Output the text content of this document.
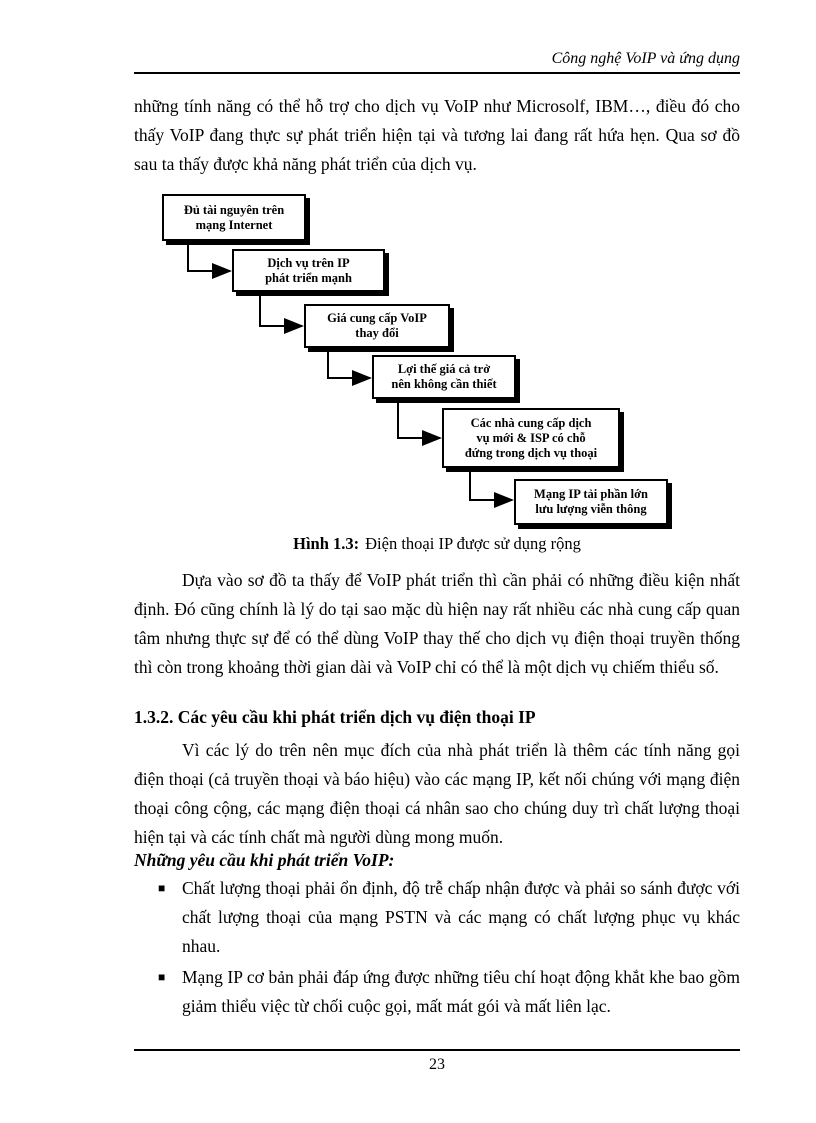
Công nghệ VoIP và ứng dụng

những tính năng có thể hỗ trợ cho dịch vụ VoIP như Microsolf, IBM…, điều đó cho thấy VoIP đang thực sự phát triển hiện tại và tương lai đang rất hứa hẹn. Qua sơ đồ sau ta thấy được khả năng phát triển của dịch vụ.

Đủ tài nguyên trên
mạng Internet
Dịch vụ trên IP
phát triển mạnh
Giá cung cấp VoIP
thay đổi
Lợi thế giá cả trở
nên không cần thiết
Các nhà cung cấp dịch
vụ mới & ISP có chỗ
đứng trong dịch vụ thoại
Mạng IP tải phần lớn
lưu lượng viễn thông
Hình 1.3: Điện thoại IP được sử dụng rộng

Dựa vào sơ đồ ta thấy để VoIP phát triển thì cần phải có những điều kiện nhất định. Đó cũng chính là lý do tại sao mặc dù hiện nay rất nhiều các nhà cung cấp quan tâm nhưng thực sự để có thể dùng VoIP thay thế cho dịch vụ điện thoại truyền thống thì còn trong khoảng thời gian dài và VoIP chỉ có thể là một dịch vụ chiếm thiểu số.

1.3.2. Các yêu cầu khi phát triển dịch vụ điện thoại IP

Vì các lý do trên nên mục đích của nhà phát triển là thêm các tính năng gọi điện thoại (cả truyền thoại và báo hiệu) vào các mạng IP, kết nối chúng với mạng điện thoại công cộng, các mạng điện thoại cá nhân sao cho chúng duy trì chất lượng thoại hiện tại và các tính chất mà người dùng mong muốn.

Những yêu cầu khi phát triển VoIP:
■ Chất lượng thoại phải ổn định, độ trễ chấp nhận được và phải so sánh được với chất lượng thoại của mạng PSTN và các mạng có chất lượng phục vụ khác nhau.
■ Mạng IP cơ bản phải đáp ứng được những tiêu chí hoạt động khắt khe bao gồm giảm thiểu việc từ chối cuộc gọi, mất mát gói và mất liên lạc.
23
